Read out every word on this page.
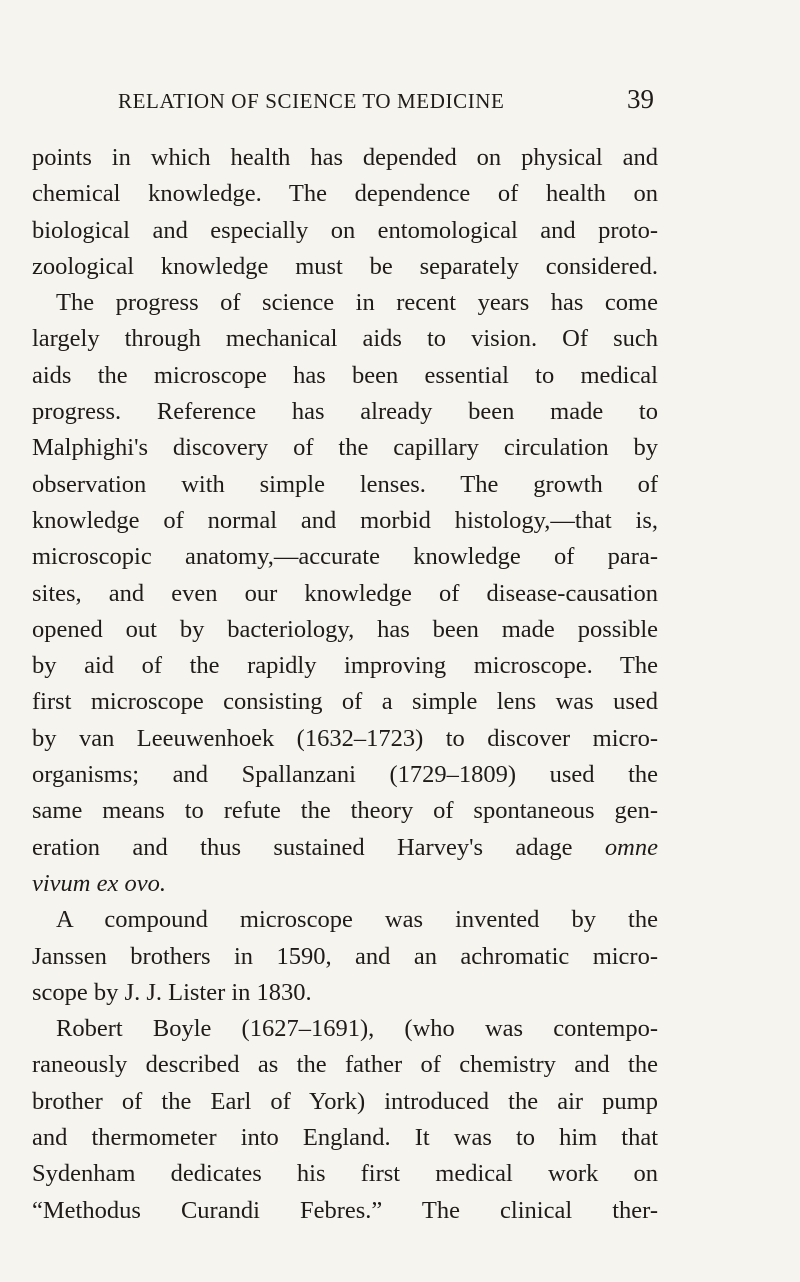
RELATION OF SCIENCE TO MEDICINE	39
points in which health has depended on physical and
chemical knowledge. The dependence of health on
biological and especially on entomological and proto-
zoological knowledge must be separately considered.
The progress of science in recent years has come
largely through mechanical aids to vision. Of such
aids the microscope has been essential to medical
progress. Reference has already been made to
Malphighi's discovery of the capillary circulation by
observation with simple lenses. The growth of
knowledge of normal and morbid histology,—that is,
microscopic anatomy,—accurate knowledge of para-
sites, and even our knowledge of disease-causation
opened out by bacteriology, has been made possible
by aid of the rapidly improving microscope. The
first microscope consisting of a simple lens was used
by van Leeuwenhoek (1632–1723) to discover micro-
organisms; and Spallanzani (1729–1809) used the
same means to refute the theory of spontaneous gen-
eration and thus sustained Harvey's adage omne
vivum ex ovo.
A compound microscope was invented by the
Janssen brothers in 1590, and an achromatic micro-
scope by J. J. Lister in 1830.
Robert Boyle (1627–1691), (who was contempo-
raneously described as the father of chemistry and the
brother of the Earl of York) introduced the air pump
and thermometer into England. It was to him that
Sydenham dedicates his first medical work on
“Methodus Curandi Febres.” The clinical ther-
